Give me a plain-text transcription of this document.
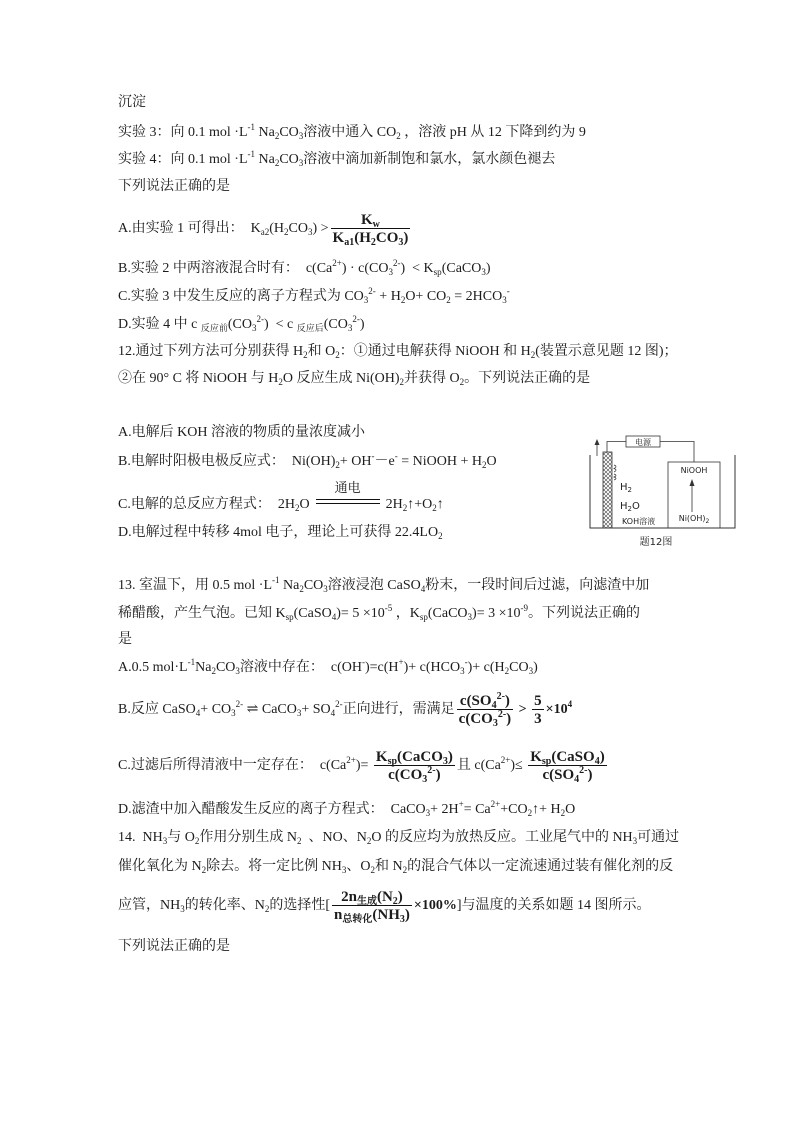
沉淀
实验 3：向 0.1 mol $\cdot L^{-1}$ $Na_2CO_3$溶液中通入 $CO_2$ ，溶液 pH 从 12 下降到约为 9
实验 4：向 0.1 mol $\cdot L^{-1}$ $Na_2CO_3$溶液中滴加新制饱和氯水，氯水颜色褪去
下列说法正确的是
A.由实验 1 可得出：  $K_{a2}(H_2CO_3) > \frac{K_w}{K_{a1}(H_2CO_3)}$
B.实验 2 中两溶液混合时有：  $c(Ca^{2+}) \cdot c(CO_3^{2-})$  < $K_{sp}(CaCO_3)$
C.实验 3 中发生反应的离子方程式为 $CO_3^{2-} + H_2O+ CO_2 = 2HCO_3^-$
D.实验 4 中 c $_{反应前}(CO_3^{2-}) < c$ $_{反应后}(CO_3^{2-})$
12.通过下列方法可分别获得 $H_2$和 $O_2$：①通过电解获得 NiOOH 和 $H_2$(装置示意见题 12 图)；
②在 90° C 将 NiOOH 与 $H_2O$ 反应生成 $Ni(OH)_2$并获得 $O_2$。下列说法正确的是
A.电解后 KOH 溶液的物质的量浓度减小
B.电解时阳极电极反应式：  $Ni(OH)_2+ OH^--e^-$ = NiOOH + $H_2O$
C.电解的总反应方程式：  $2H_2O$
通电
$2H_2↑+O_2↑$
D.电解过程中转移 4mol 电子，理论上可获得 $22.4LO_2$
电源
$H_2$
$H_2O$
KOH溶液
NiOOH
$Ni(OH)_2$
题12图
13. 室温下，用 0.5 mol $\cdot L^{-1}$ $Na_2CO_3$溶液浸泡 CaSO$_4$粉末，一段时间后过滤，向滤渣中加
稀醋酸，产生气泡。已知 $K_{sp}(CaSO_4)= 5 \times 10^{-5}$ ，$K_{sp}(CaCO_3)= 3 \times 10^{-9}$。下列说法正确的
是
A.0.5 $mol\cdot L^{-1}Na_2CO_3$溶液中存在：  $c(OH^-)=c(H^+)+ c(HCO_3^-)+ c(H_2CO_3)$
B.反应 CaSO$_4$+ $CO_3^{2-}$ ⇌ CaCO$_3$+ $SO_4^{2-}$正向进行，需满足 $\frac{c(SO_4^{2-})}{c(CO_3^{2-})} > \frac{5}{3} \times 10^4$
C.过滤后所得清液中一定存在：  $c(Ca^{2+})= \frac{K_{sp}(CaCO_3)}{c(CO_3^{2-})}$ 且 $c(Ca^{2+})\le \frac{K_{sp}(CaSO_4)}{c(SO_4^{2-})}$
D.滤渣中加入醋酸发生反应的离子方程式：  CaCO$_3$+ $2H^+= Ca^{2+}+CO_2↑+ H_2O$
14.  $NH_3$与 $O_2$作用分别生成 $N_2$  、NO、$N_2O$ 的反应均为放热反应。工业尾气中的 $NH_3$可通过
催化氧化为 $N_2$除去。将一定比例 $NH_3$、$O_2$和 $N_2$的混合气体以一定流速通过装有催化剂的反
应管，$NH_3$的转化率、$N_2$的选择性[ $\frac{2n_{生成}(N_2)}{n_{总转化}(NH_3)} \times 100\%$]与温度的关系如题 14 图所示。
下列说法正确的是
